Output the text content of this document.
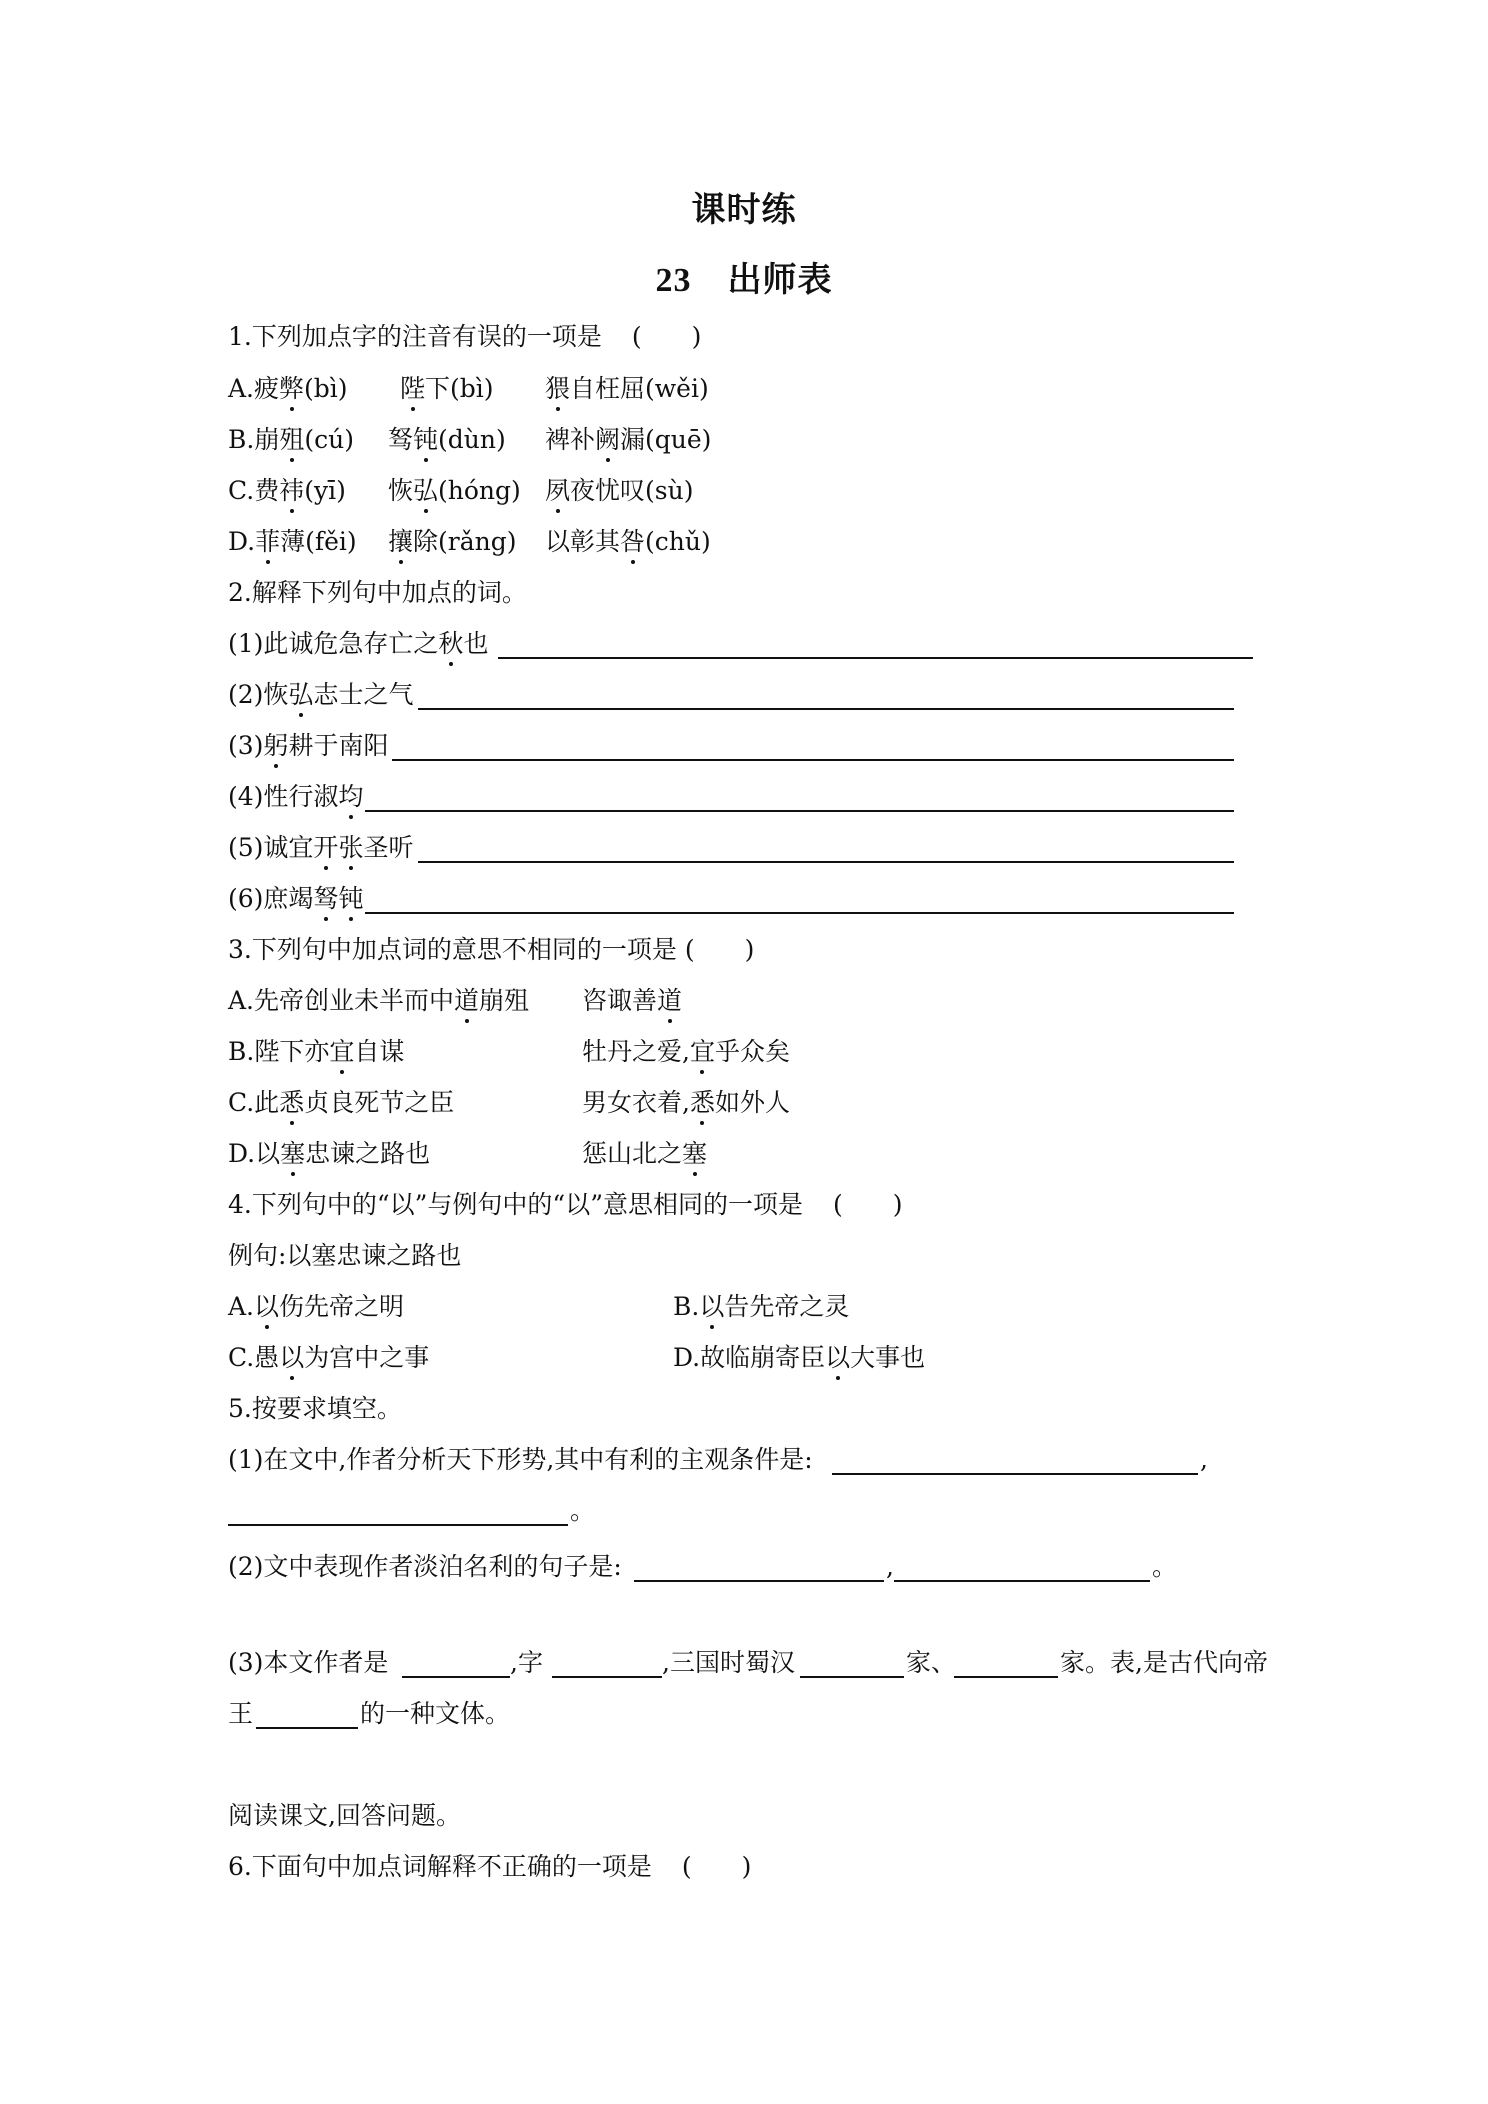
课时练
23 出师表
1.下列加点字的注音有误的一项是 (　　)
A.疲弊(bì) 陛下(bì) 猥自枉屈(wěi)
B.崩殂(cú) 驽钝(dùn) 裨补阙漏(quē)
C.费祎(yī) 恢弘(hóng) 夙夜忧叹(sù)
D.菲薄(fěi) 攘除(rǎng) 以彰其咎(chǔ)
2.解释下列句中加点的词。
(1)此诚危急存亡之秋也
(2)恢弘志士之气
(3)躬耕于南阳
(4)性行淑均
(5)诚宜开张圣听
(6)庶竭驽钝
3.下列句中加点词的意思不相同的一项是 (　　)
A.先帝创业未半而中道崩殂 咨诹善道
B.陛下亦宜自谋	牡丹之爱,宜乎众矣
C.此悉贞良死节之臣	男女衣着,悉如外人
D.以塞忠谏之路也	惩山北之塞
4.下列句中的“以”与例句中的“以”意思相同的一项是 (　　)
例句:以塞忠谏之路也
A.以伤先帝之明	B.以告先帝之灵
C.愚以为宫中之事	D.故临崩寄臣以大事也
5.按要求填空。
(1)在文中,作者分析天下形势,其中有利的主观条件是:	,
。
(2)文中表现作者淡泊名利的句子是:	,	。
(3)本文作者是	,字	,三国时蜀汉	家、	家。表,是古代向帝
王	的一种文体。
阅读课文,回答问题。
6.下面句中加点词解释不正确的一项是 (　　)
